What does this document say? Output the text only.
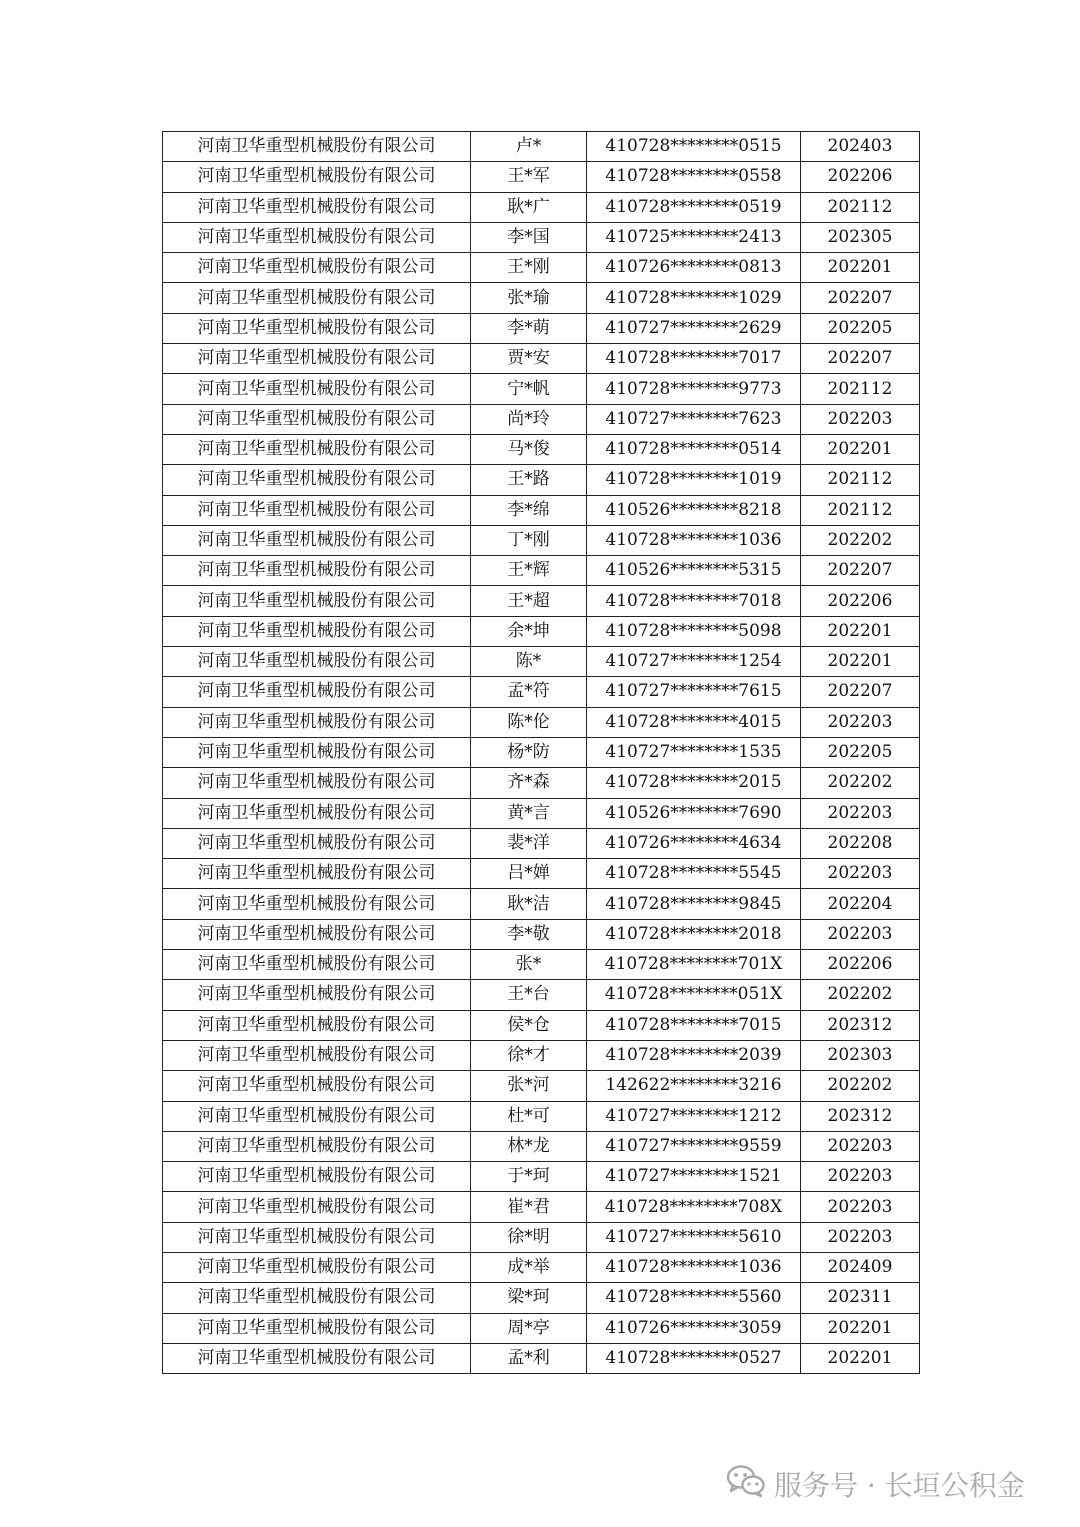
河南卫华重型机械股份有限公司	卢*	410728********0515	202403
河南卫华重型机械股份有限公司	王*军	410728********0558	202206
河南卫华重型机械股份有限公司	耿*广	410728********0519	202112
河南卫华重型机械股份有限公司	李*国	410725********2413	202305
河南卫华重型机械股份有限公司	王*刚	410726********0813	202201
河南卫华重型机械股份有限公司	张*瑜	410728********1029	202207
河南卫华重型机械股份有限公司	李*萌	410727********2629	202205
河南卫华重型机械股份有限公司	贾*安	410728********7017	202207
河南卫华重型机械股份有限公司	宁*帆	410728********9773	202112
河南卫华重型机械股份有限公司	尚*玲	410727********7623	202203
河南卫华重型机械股份有限公司	马*俊	410728********0514	202201
河南卫华重型机械股份有限公司	王*路	410728********1019	202112
河南卫华重型机械股份有限公司	李*绵	410526********8218	202112
河南卫华重型机械股份有限公司	丁*刚	410728********1036	202202
河南卫华重型机械股份有限公司	王*辉	410526********5315	202207
河南卫华重型机械股份有限公司	王*超	410728********7018	202206
河南卫华重型机械股份有限公司	余*坤	410728********5098	202201
河南卫华重型机械股份有限公司	陈*	410727********1254	202201
河南卫华重型机械股份有限公司	孟*符	410727********7615	202207
河南卫华重型机械股份有限公司	陈*伦	410728********4015	202203
河南卫华重型机械股份有限公司	杨*防	410727********1535	202205
河南卫华重型机械股份有限公司	齐*森	410728********2015	202202
河南卫华重型机械股份有限公司	黄*言	410526********7690	202203
河南卫华重型机械股份有限公司	裴*洋	410726********4634	202208
河南卫华重型机械股份有限公司	吕*婵	410728********5545	202203
河南卫华重型机械股份有限公司	耿*洁	410728********9845	202204
河南卫华重型机械股份有限公司	李*敬	410728********2018	202203
河南卫华重型机械股份有限公司	张*	410728********701X	202206
河南卫华重型机械股份有限公司	王*台	410728********051X	202202
河南卫华重型机械股份有限公司	侯*仓	410728********7015	202312
河南卫华重型机械股份有限公司	徐*才	410728********2039	202303
河南卫华重型机械股份有限公司	张*河	142622********3216	202202
河南卫华重型机械股份有限公司	杜*可	410727********1212	202312
河南卫华重型机械股份有限公司	林*龙	410727********9559	202203
河南卫华重型机械股份有限公司	于*珂	410727********1521	202203
河南卫华重型机械股份有限公司	崔*君	410728********708X	202203
河南卫华重型机械股份有限公司	徐*明	410727********5610	202203
河南卫华重型机械股份有限公司	成*举	410728********1036	202409
河南卫华重型机械股份有限公司	梁*珂	410728********5560	202311
河南卫华重型机械股份有限公司	周*亭	410726********3059	202201
河南卫华重型机械股份有限公司	孟*利	410728********0527	202201
服务号 · 长垣公积金
